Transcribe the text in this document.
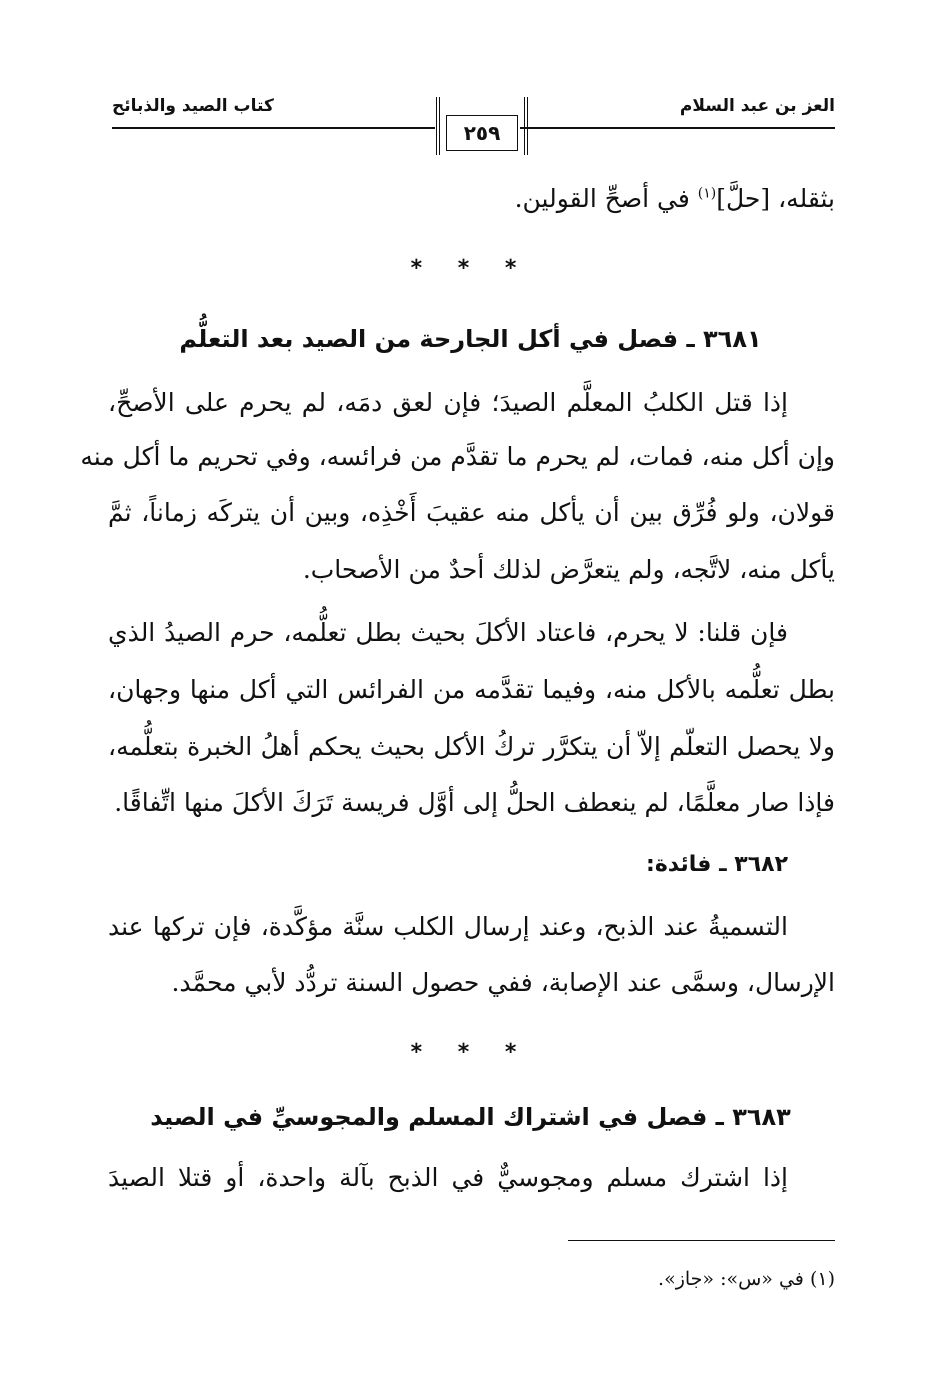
العز بن عبد السلام
كتاب الصيد والذبائح
٢٥٩
بثقله، [حلَّ]$^{(١)}$ في أصحِّ القولين.
* * *
٣٦٨١ ـ فصل في أكل الجارحة من الصيد بعد التعلُّم
إذا قتل الكلبُ المعلَّم الصيدَ؛ فإن لعق دمَه، لم يحرم على الأصحِّ،
وإن أكل منه، فمات، لم يحرم ما تقدَّم من فرائسه، وفي تحريم ما أكل منه
قولان، ولو فُرِّق بين أن يأكل منه عقيبَ أَخْذِه، وبين أن يتركَه زماناً، ثمَّ
يأكل منه، لاتَّجه، ولم يتعرَّض لذلك أحدٌ من الأصحاب.
فإن قلنا: لا يحرم، فاعتاد الأكلَ بحيث بطل تعلُّمه، حرم الصيدُ الذي
بطل تعلُّمه بالأكل منه، وفيما تقدَّمه من الفرائس التي أكل منها وجهان،
ولا يحصل التعلّم إلاّ أن يتكرَّر تركُ الأكل بحيث يحكم أهلُ الخبرة بتعلُّمه،
فإذا صار معلَّمًا، لم ينعطف الحلُّ إلى أوَّل فريسة تَرَكَ الأكلَ منها اتِّفاقًا.
٣٦٨٢ ـ فائدة:
التسميةُ عند الذبح، وعند إرسال الكلب سنَّة مؤكَّدة، فإن تركها عند
الإرسال، وسمَّى عند الإصابة، ففي حصول السنة تردُّد لأبي محمَّد.
* * *
٣٦٨٣ ـ فصل في اشتراك المسلم والمجوسيِّ في الصيد
إذا اشترك مسلم ومجوسيٌّ في الذبح بآلة واحدة، أو قتلا الصيدَ
(١) في «س»: «جاز».
